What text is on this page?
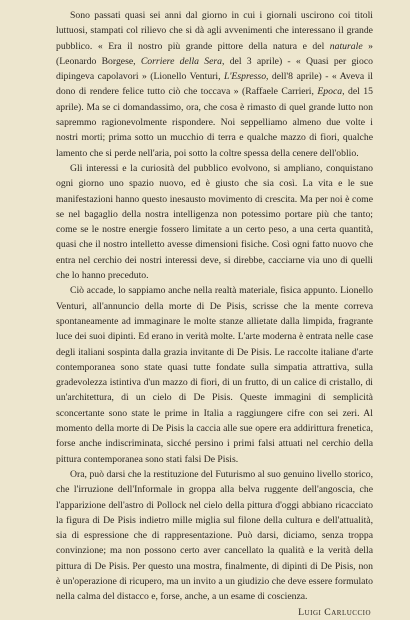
Sono passati quasi sei anni dal giorno in cui i giornali uscirono coi titoli luttuosi, stampati col rilievo che si dà agli avvenimenti che interessano il grande pubblico. « Era il nostro più grande pittore della natura e del naturale » (Leonardo Borgese, Corriere della Sera, del 3 aprile) - « Quasi per gioco dipingeva capolavori » (Lionello Venturi, L'Espresso, dell'8 aprile) - « Aveva il dono di rendere felice tutto ciò che toccava » (Raffaele Carrieri, Epoca, del 15 aprile). Ma se ci domandassimo, ora, che cosa è rimasto di quel grande lutto non sapremmo ragionevolmente rispondere. Noi seppelliamo almeno due volte i nostri morti; prima sotto un mucchio di terra e qualche mazzo di fiori, qualche lamento che si perde nell'aria, poi sotto la coltre spessa della cenere dell'oblio.

Gli interessi e la curiosità del pubblico evolvono, si ampliano, conquistano ogni giorno uno spazio nuovo, ed è giusto che sia così. La vita e le sue manifestazioni hanno questo inesausto movimento di crescita. Ma per noi è come se nel bagaglio della nostra intelligenza non potessimo portare più che tanto; come se le nostre energie fossero limitate a un certo peso, a una certa quantità, quasi che il nostro intelletto avesse dimensioni fisiche. Così ogni fatto nuovo che entra nel cerchio dei nostri interessi deve, si direbbe, cacciarne via uno di quelli che lo hanno preceduto.

Ciò accade, lo sappiamo anche nella realtà materiale, fisica appunto. Lionello Venturi, all'annuncio della morte di De Pisis, scrisse che la mente correva spontaneamente ad immaginare le molte stanze allietate dalla limpida, fragrante luce dei suoi dipinti. Ed erano in verità molte. L'arte moderna è entrata nelle case degli italiani sospinta dalla grazia invitante di De Pisis. Le raccolte italiane d'arte contemporanea sono state quasi tutte fondate sulla simpatia attrattiva, sulla gradevolezza istintiva d'un mazzo di fiori, di un frutto, di un calice di cristallo, di un'architettura, di un cielo di De Pisis. Queste immagini di semplicità sconcertante sono state le prime in Italia a raggiungere cifre con sei zeri. Al momento della morte di De Pisis la caccia alle sue opere era addirittura frenetica, forse anche indiscriminata, sicché persino i primi falsi attuati nel cerchio della pittura contemporanea sono stati falsi De Pisis.

Ora, può darsi che la restituzione del Futurismo al suo genuino livello storico, che l'irruzione dell'Informale in groppa alla belva ruggente dell'angoscia, che l'apparizione dell'astro di Pollock nel cielo della pittura d'oggi abbiano ricacciato la figura di De Pisis indietro mille miglia sul filone della cultura e dell'attualità, sia di espressione che di rappresentazione. Può darsi, diciamo, senza troppa convinzione; ma non possono certo aver cancellato la qualità e la verità della pittura di De Pisis. Per questo una mostra, finalmente, di dipinti di De Pisis, non è un'operazione di ricupero, ma un invito a un giudizio che deve essere formulato nella calma del distacco e, forse, anche, a un esame di coscienza.

Luigi Carluccio
